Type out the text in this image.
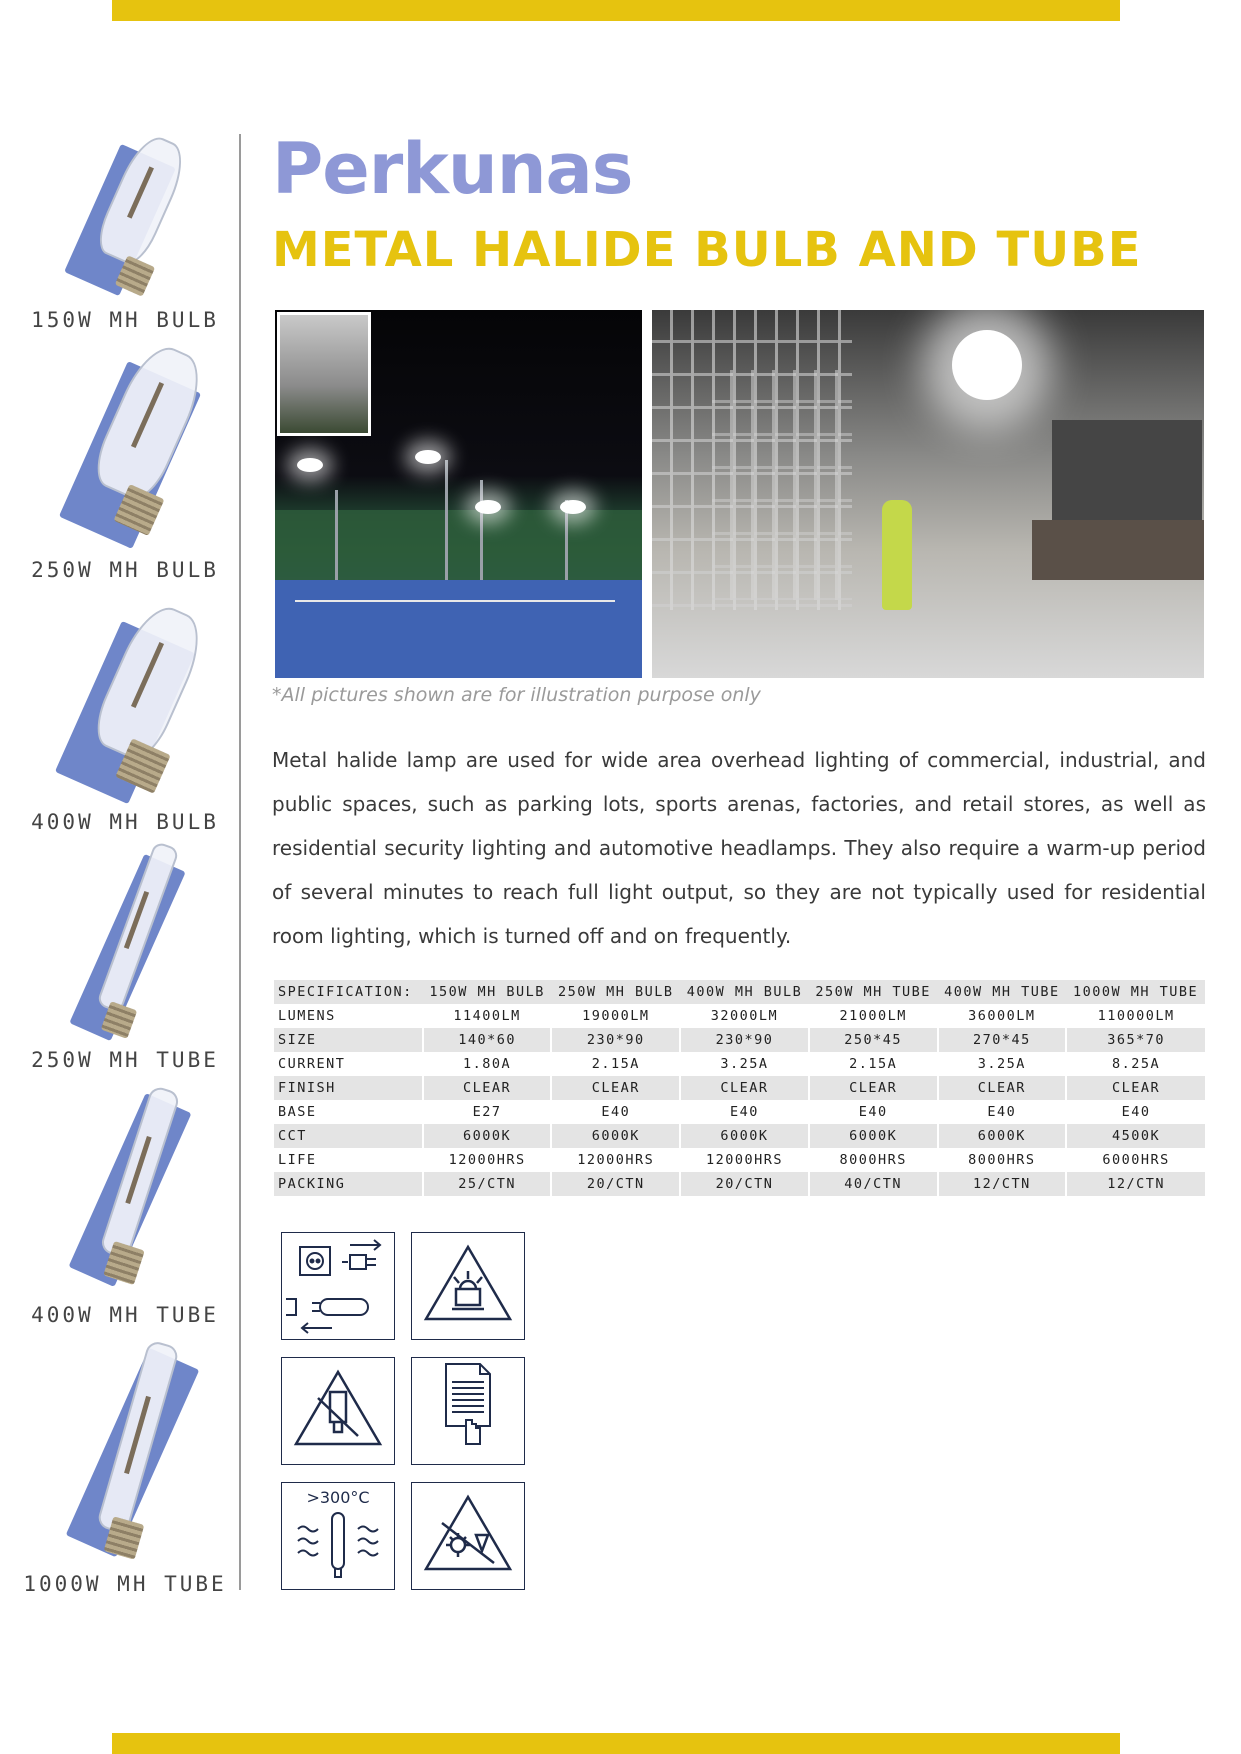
150W MH BULB
250W MH BULB
400W MH BULB
250W MH TUBE
400W MH TUBE
1000W MH TUBE
Perkunas
METAL HALIDE BULB AND TUBE
*All pictures shown are for illustration purpose only
Metal halide lamp are used for wide area overhead lighting of commercial, industrial, and public spaces, such as parking lots, sports arenas, factories, and retail stores, as well as residential security lighting and automotive headlamps. They also require a warm-up period of several minutes to reach full light output, so they are not typically used for residential room lighting, which is turned off and on frequently.
SPECIFICATION:	150W MH BULB	250W MH BULB	400W MH BULB	250W MH TUBE	400W MH TUBE	1000W MH TUBE
LUMENS	11400LM	19000LM	32000LM	21000LM	36000LM	110000LM
SIZE	140*60	230*90	230*90	250*45	270*45	365*70
CURRENT	1.80A	2.15A	3.25A	2.15A	3.25A	8.25A
FINISH	CLEAR	CLEAR	CLEAR	CLEAR	CLEAR	CLEAR
BASE	E27	E40	E40	E40	E40	E40
CCT	6000K	6000K	6000K	6000K	6000K	4500K
LIFE	12000HRS	12000HRS	12000HRS	8000HRS	8000HRS	6000HRS
PACKING	25/CTN	20/CTN	20/CTN	40/CTN	12/CTN	12/CTN
>300°C
